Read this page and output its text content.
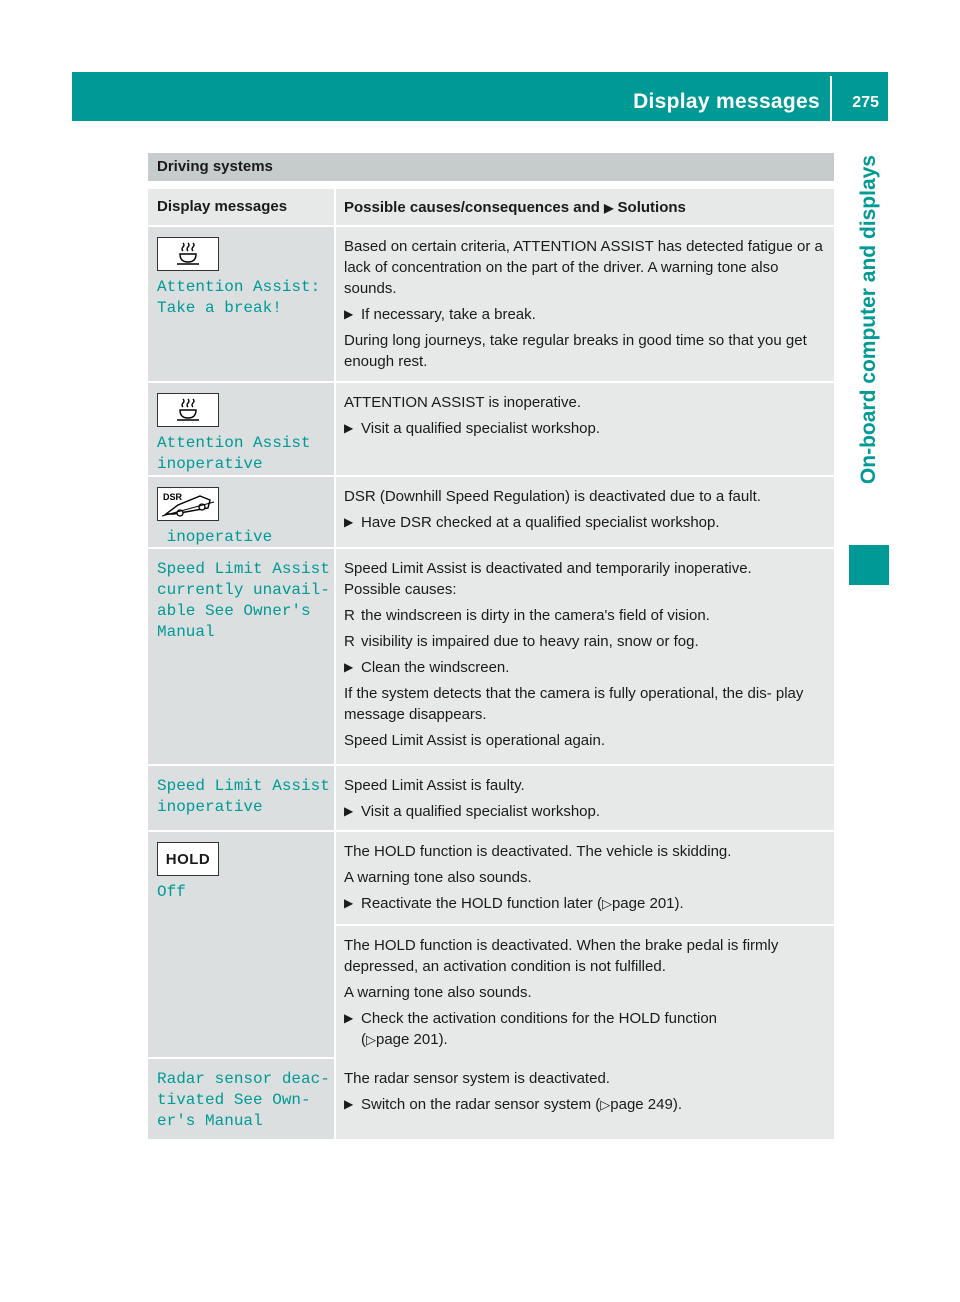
Display messages 275
On-board computer and displays
Driving systems
Display messages	Possible causes/consequences and ▶ Solutions
Attention Assist:
Take a break!

Based on certain criteria, ATTENTION ASSIST has detected fatigue or a lack of concentration on the part of the driver. A warning tone also sounds.

▶ If necessary, take a break.

During long journeys, take regular breaks in good time so that you get enough rest.

Attention Assist
inoperative

ATTENTION ASSIST is inoperative.

▶ Visit a qualified specialist workshop.

DSR
inoperative

DSR (Downhill Speed Regulation) is deactivated due to a fault.

▶ Have DSR checked at a qualified specialist workshop.

Speed Limit Assist
currently unavail‐
able See Owner's
Manual

Speed Limit Assist is deactivated and temporarily inoperative.

Possible causes:

R the windscreen is dirty in the camera's field of vision.

R visibility is impaired due to heavy rain, snow or fog.

▶ Clean the windscreen.

If the system detects that the camera is fully operational, the dis‐ play message disappears.

Speed Limit Assist is operational again.

Speed Limit Assist
inoperative

Speed Limit Assist is faulty.

▶ Visit a qualified specialist workshop.

HOLD
Off

The HOLD function is deactivated. The vehicle is skidding.

A warning tone also sounds.

▶ Reactivate the HOLD function later (▷page 201).

The HOLD function is deactivated. When the brake pedal is firmly depressed, an activation condition is not fulfilled.

A warning tone also sounds.

▶ Check the activation conditions for the HOLD function
(▷page 201).
Radar sensor deac‐
tivated See Own‐
er's Manual

The radar sensor system is deactivated.

▶ Switch on the radar sensor system (▷page 249).
